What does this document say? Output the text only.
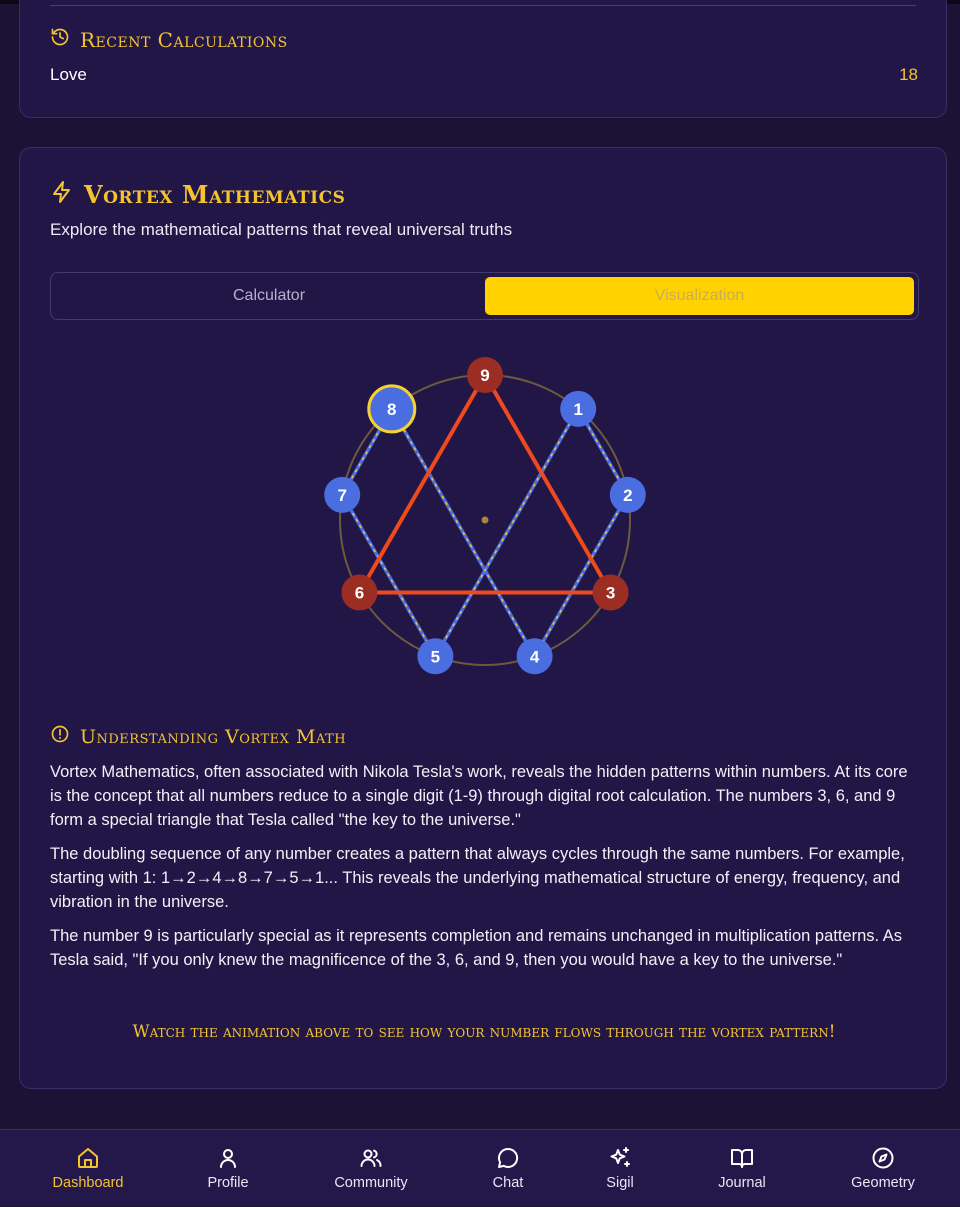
Recent Calculations
Love	18
Vortex Mathematics
Explore the mathematical patterns that reveal universal truths
Calculator	Visualization
1
2
3
4
5
6
7
8
9
Understanding Vortex Math

Vortex Mathematics, often associated with Nikola Tesla's work, reveals the hidden patterns within numbers. At its core is the concept that all numbers reduce to a single digit (1-9) through digital root calculation. The numbers 3, 6, and 9 form a special triangle that Tesla called "the key to the universe."

The doubling sequence of any number creates a pattern that always cycles through the same numbers. For example, starting with 1: 1→2→4→8→7→5→1... This reveals the underlying mathematical structure of energy, frequency, and vibration in the universe.

The number 9 is particularly special as it represents completion and remains unchanged in multiplication patterns. As Tesla said, "If you only knew the magnificence of the 3, 6, and 9, then you would have a key to the universe."

Watch the animation above to see how your number flows through the vortex pattern!
Dashboard	Profile	Community	Chat	Sigil	Journal	Geometry
